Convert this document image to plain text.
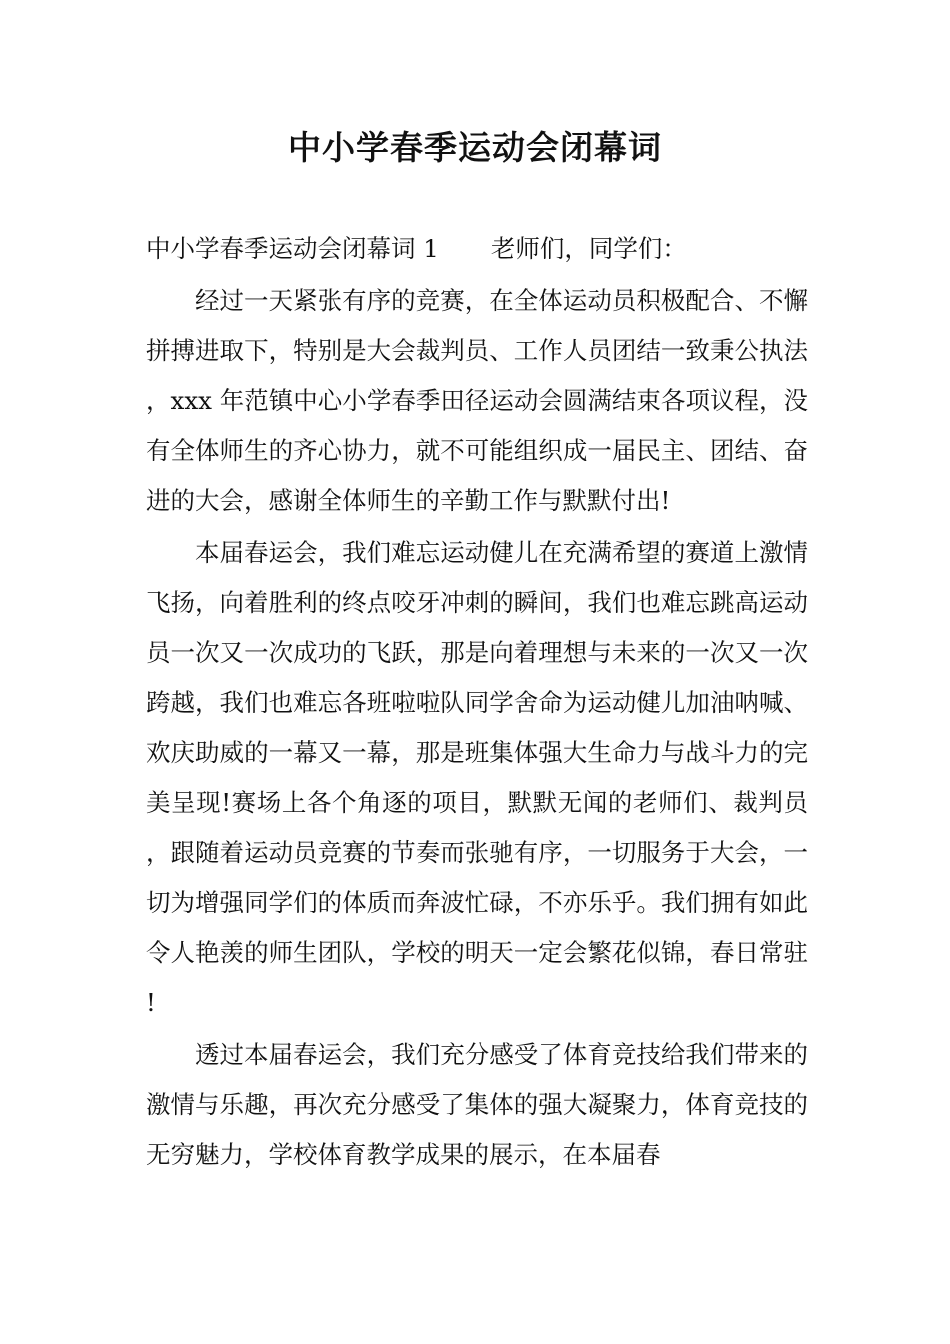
中小学春季运动会闭幕词

中小学春季运动会闭幕词 1 老师们，同学们：

经过一天紧张有序的竞赛，在全体运动员积极配合、不懈拼搏进取下，特别是大会裁判员、工作人员团结一致秉公执法，xxx 年范镇中心小学春季田径运动会圆满结束各项议程，没有全体师生的齐心协力，就不可能组织成一届民主、团结、奋进的大会，感谢全体师生的辛勤工作与默默付出!

本届春运会，我们难忘运动健儿在充满希望的赛道上激情飞扬，向着胜利的终点咬牙冲刺的瞬间，我们也难忘跳高运动员一次又一次成功的飞跃，那是向着理想与未来的一次又一次跨越，我们也难忘各班啦啦队同学舍命为运动健儿加油呐喊、欢庆助威的一幕又一幕，那是班集体强大生命力与战斗力的完美呈现!赛场上各个角逐的项目，默默无闻的老师们、裁判员，跟随着运动员竞赛的节奏而张驰有序，一切服务于大会，一切为增强同学们的体质而奔波忙碌，不亦乐乎。我们拥有如此令人艳羡的师生团队，学校的明天一定会繁花似锦，春日常驻!

透过本届春运会，我们充分感受了体育竞技给我们带来的激情与乐趣，再次充分感受了集体的强大凝聚力，体育竞技的无穷魅力，学校体育教学成果的展示，在本届春
